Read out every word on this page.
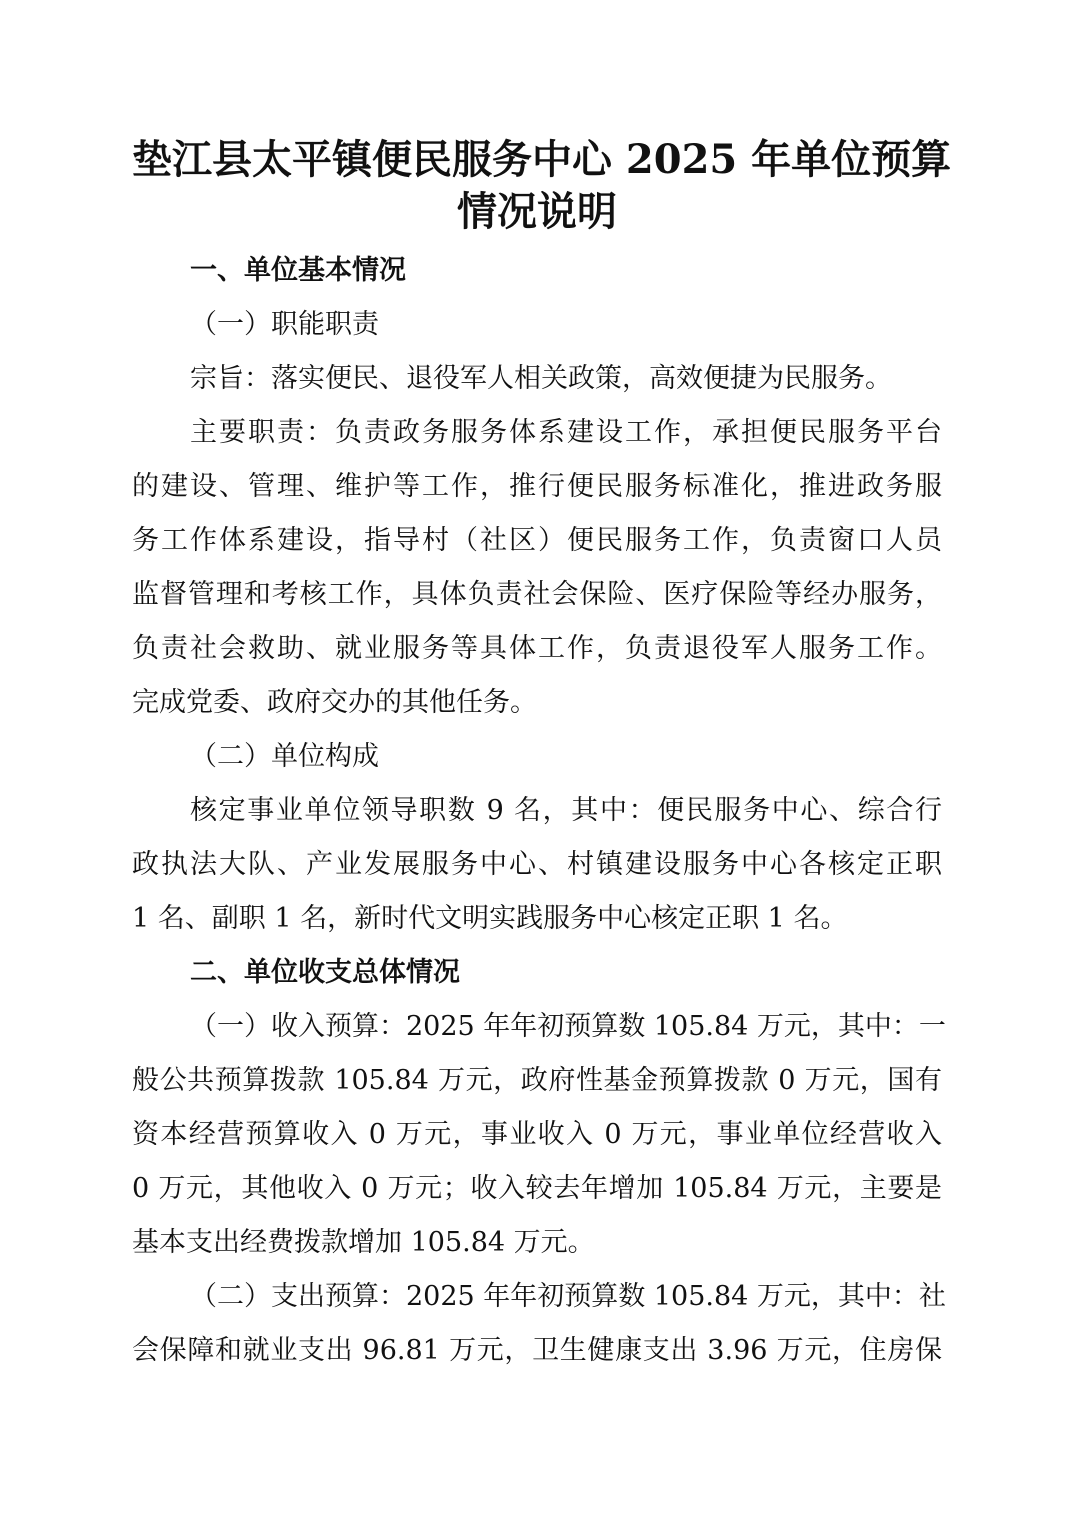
垫江县太平镇便民服务中心 2025 年单位预算
情况说明
一、单位基本情况
（一）职能职责
宗旨：落实便民、退役军人相关政策，高效便捷为民服务。
主要职责：负责政务服务体系建设工作，承担便民服务平台
的建设、管理、维护等工作，推行便民服务标准化，推进政务服
务工作体系建设，指导村（社区）便民服务工作，负责窗口人员
监督管理和考核工作，具体负责社会保险、医疗保险等经办服务，
负责社会救助、就业服务等具体工作，负责退役军人服务工作。
完成党委、政府交办的其他任务。
（二）单位构成
核定事业单位领导职数 9 名，其中：便民服务中心、综合行
政执法大队、产业发展服务中心、村镇建设服务中心各核定正职
1 名、副职 1 名，新时代文明实践服务中心核定正职 1 名。
二、单位收支总体情况
（一）收入预算：2025 年年初预算数 105.84 万元，其中：一
般公共预算拨款 105.84 万元，政府性基金预算拨款 0 万元，国有
资本经营预算收入 0 万元，事业收入 0 万元，事业单位经营收入
0 万元，其他收入 0 万元；收入较去年增加 105.84 万元，主要是
基本支出经费拨款增加 105.84 万元。
（二）支出预算：2025 年年初预算数 105.84 万元，其中：社
会保障和就业支出 96.81 万元，卫生健康支出 3.96 万元，住房保
